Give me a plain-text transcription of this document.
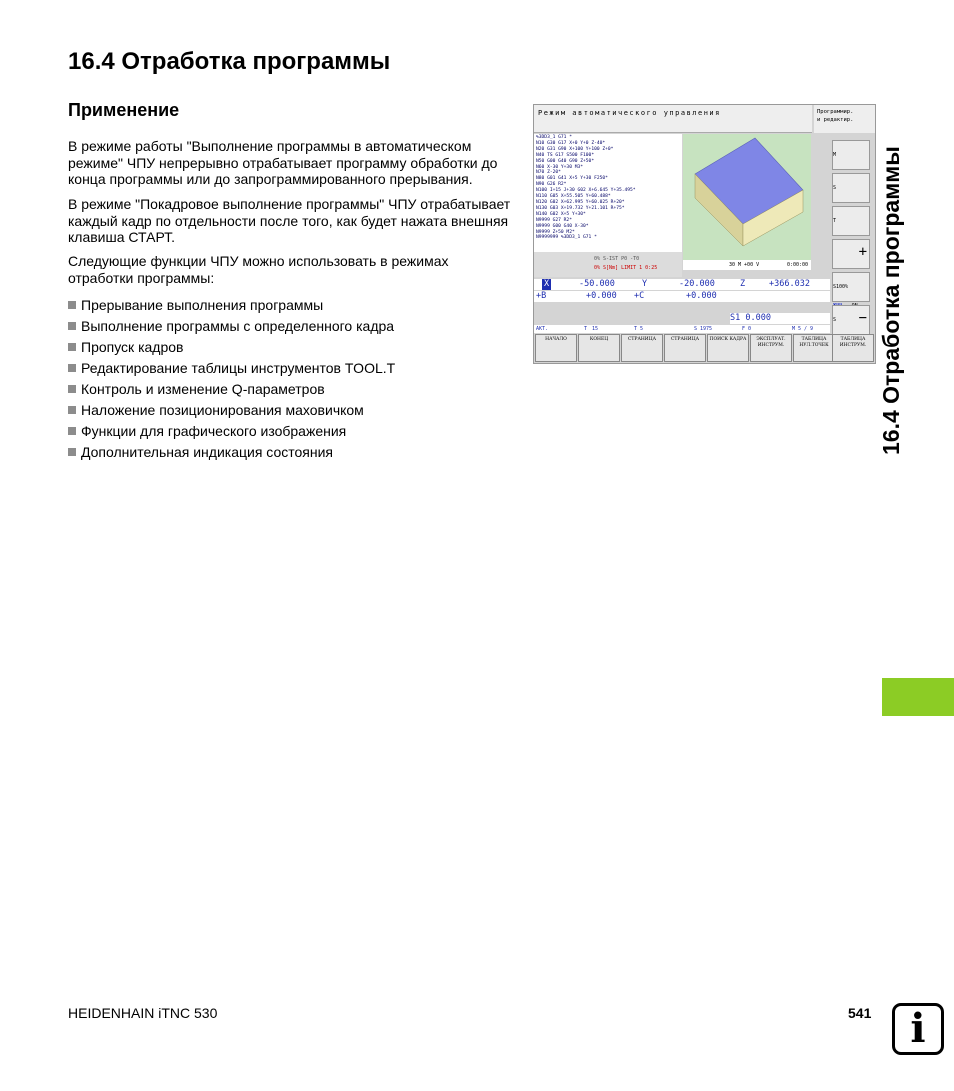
16.4 Отработка программы
Применение

В режиме работы "Выполнение программы в автоматическом режиме" ЧПУ непрерывно отрабатывает программу обработки до конца программы или до запрограммированного прерывания.

В режиме "Покадровое выполнение программы" ЧПУ отрабатывает каждый кадр по отдельности после того, как будет нажата внешняя клавиша СТАРТ.

Следующие функции ЧПУ можно использовать в режимах отработки программы:

Прерывание выполнения программы
Выполнение программы с определенного кадра
Пропуск кадров
Редактирование таблицы инструментов TOOL.T
Контроль и изменение Q-параметров
Наложение позиционирования маховичком
Функции для графического изображения
Дополнительная индикация состояния	16.4 Отработка программы
Режим автоматического управления	Программир.
и редактир.
%3DD3_1 G71 *
N10 G30 G17 X+0 Y+0 Z-40*
N20 G31 G90 X+100 Y+100 Z+0*
N40 TS G17 S500 F100*
N50 G00 G40 G90 Z+50*
N60 X-30 Y+30 M3*
N70 Z-20*
N80 G01 G41 X+5 Y+30 F250*
N90 G26 R2*
N100 I+15 J+30 G02 X+6.645 Y+35.495*
N110 G05 X+55.505 Y+60.488*
N120 G02 X+62.995 Y+60.025 R+20*
N130 G03 X+19.732 Y+21.101 R+75*
N140 G02 X+5 Y+30*
N9999 G27 R2*
N9999 G00 G40 X-30*
N9999 Z+50 M2*
N9999999 %3DD3_1 G71 *
0% S-IST P0 -T0
0% S[Nm] LIMIT 1 0:25	30 M +00 V	0:00:00
X	-50.000	Y	-20.000	Z	+366.032
+B	+0.000 +C	+0.000
S1 0.000
AKT.	T 15	T 5	S 1975	F 0	M 5 / 9
M
S
T
+
S100%

S −
НАЧАЛО	КОНЕЦ	СТРАНИЦА	СТРАНИЦА	ПОИСК КАДРА	ЭКСПЛУАТ. ИНСТРУМ.
ТАБЛИЦА НУЛ.ТОЧЕК
ТАБЛИЦА ИНСТРУМ.
HEIDENHAIN iTNC 530	541 i
